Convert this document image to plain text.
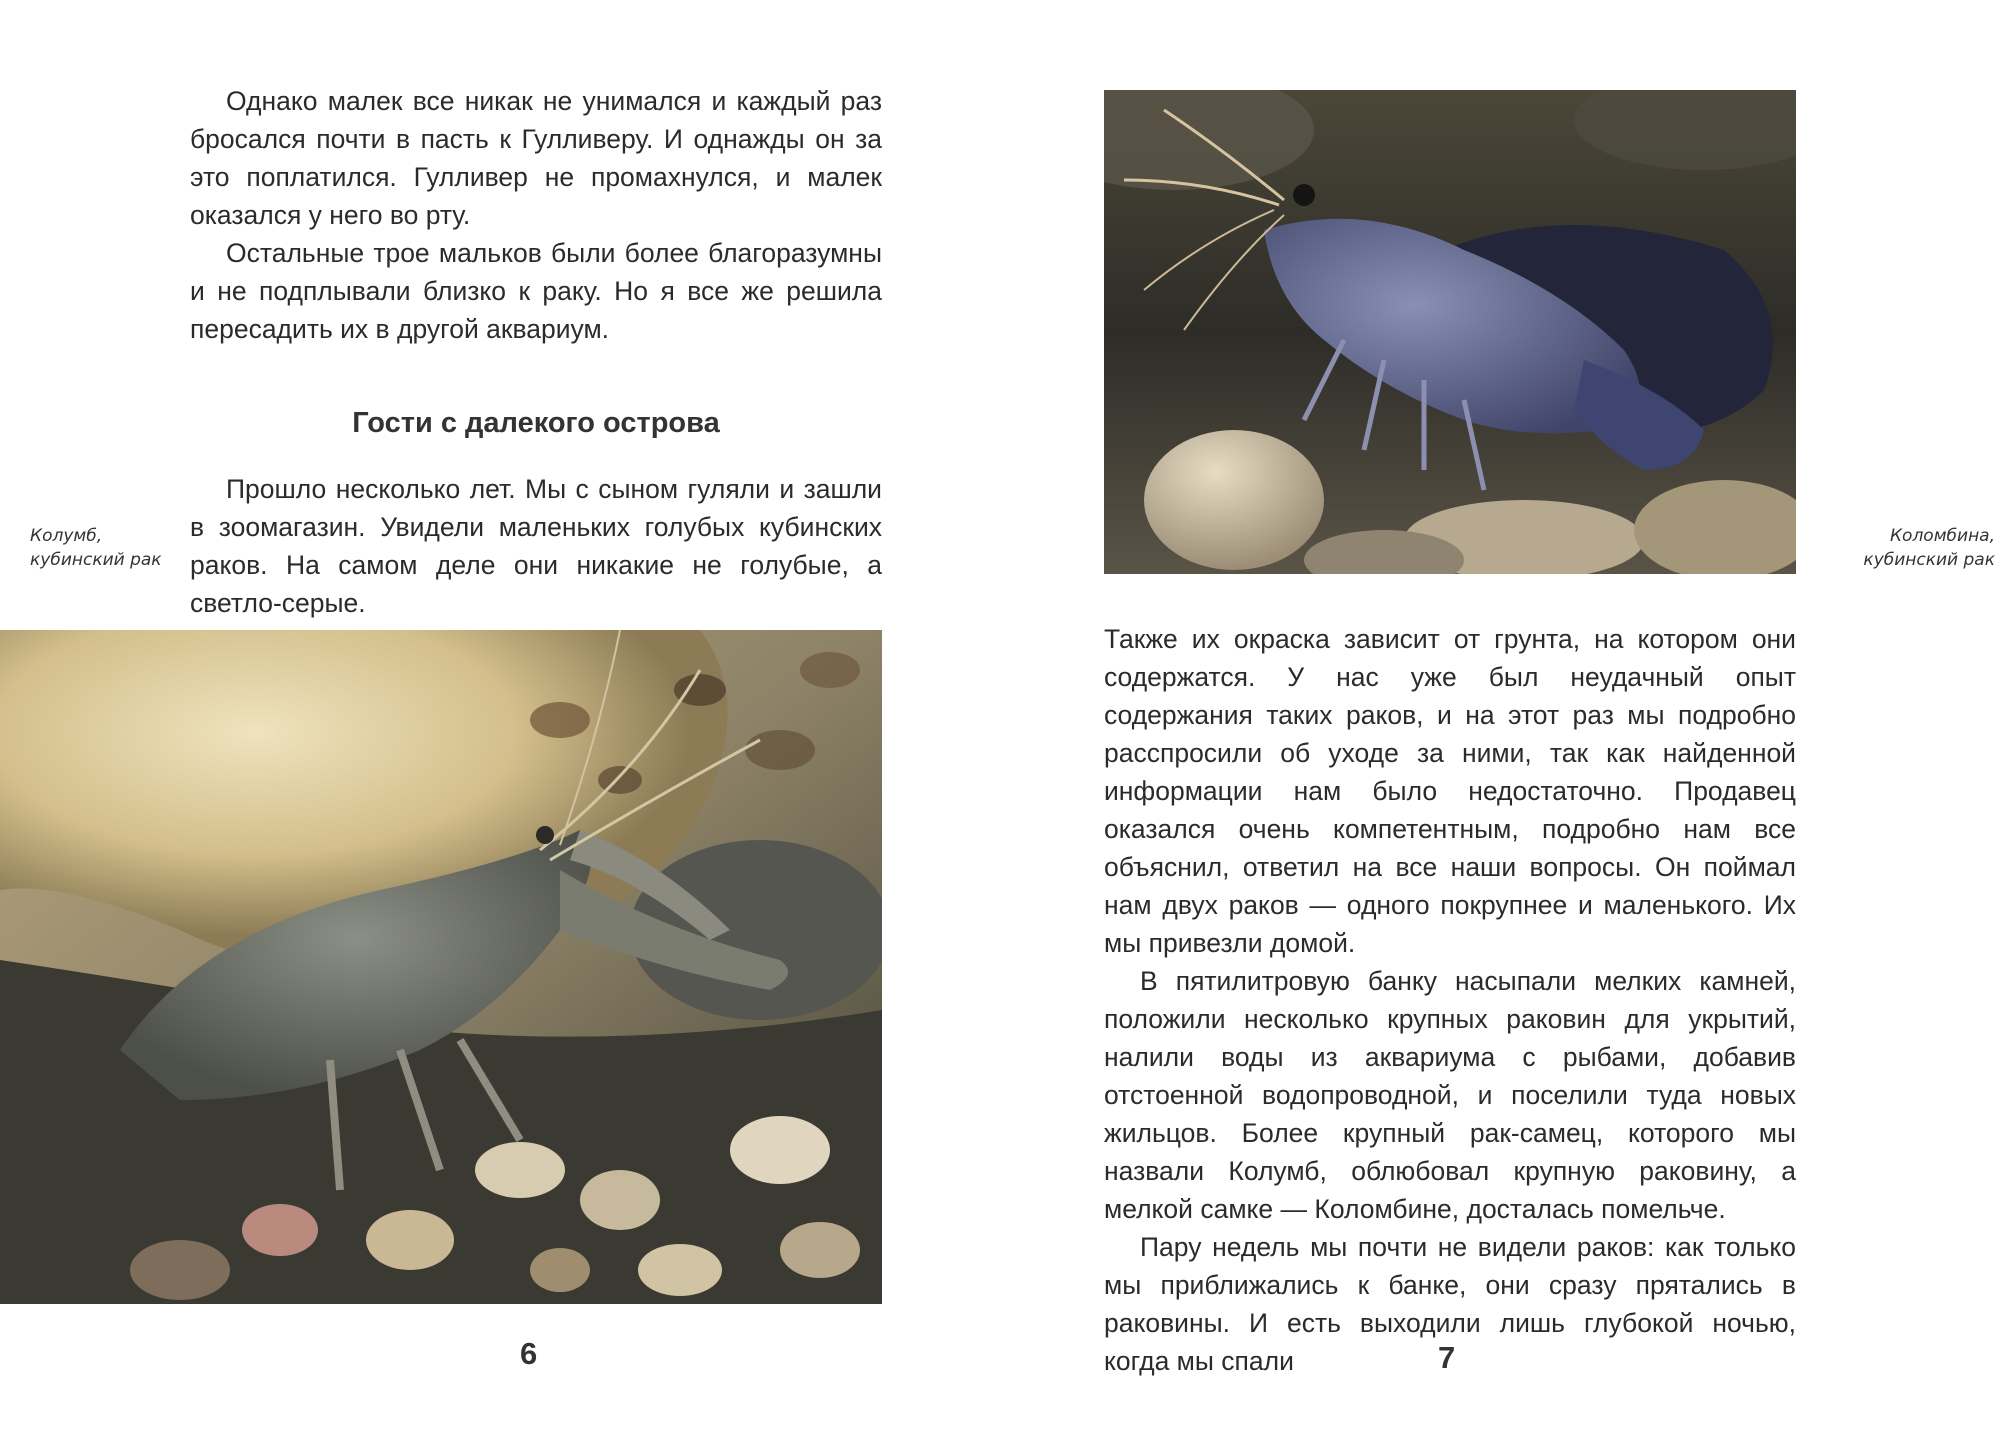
Однако малек все никак не унимался и каждый раз бросался почти в пасть к Гулливеру. И однажды он за это поплатился. Гулливер не промахнулся, и малек оказался у него во рту.

Остальные трое мальков были более благоразумны и не подплывали близко к раку. Но я все же решила пересадить их в другой аквариум.

Гости с далекого острова

Прошло несколько лет. Мы с сыном гуляли и зашли в зоомагазин. Увидели маленьких голубых кубинских раков. На самом деле они никакие не голубые, а светло-серые.

Колумб,
кубинский рак
6
Коломбина,
кубинский рак

Также их окраска зависит от грунта, на котором они содержатся. У нас уже был неудачный опыт содержания таких раков, и на этот раз мы подробно расспросили об уходе за ними, так как найденной информации нам было недостаточно. Продавец оказался очень компетентным, подробно нам все объяснил, ответил на все наши вопросы. Он поймал нам двух раков — одного покрупнее и маленького. Их мы привезли домой.

В пятилитровую банку насыпали мелких камней, положили несколько крупных раковин для укрытий, налили воды из аквариума с рыбами, добавив отстоенной водопроводной, и поселили туда новых жильцов. Более крупный рак-самец, которого мы назвали Колумб, облюбовал крупную раковину, а мелкой самке — Коломбине, досталась помельче.

Пару недель мы почти не видели раков: как только мы приближались к банке, они сразу прятались в раковины. И есть выходили лишь глубокой ночью, когда мы спали	7
